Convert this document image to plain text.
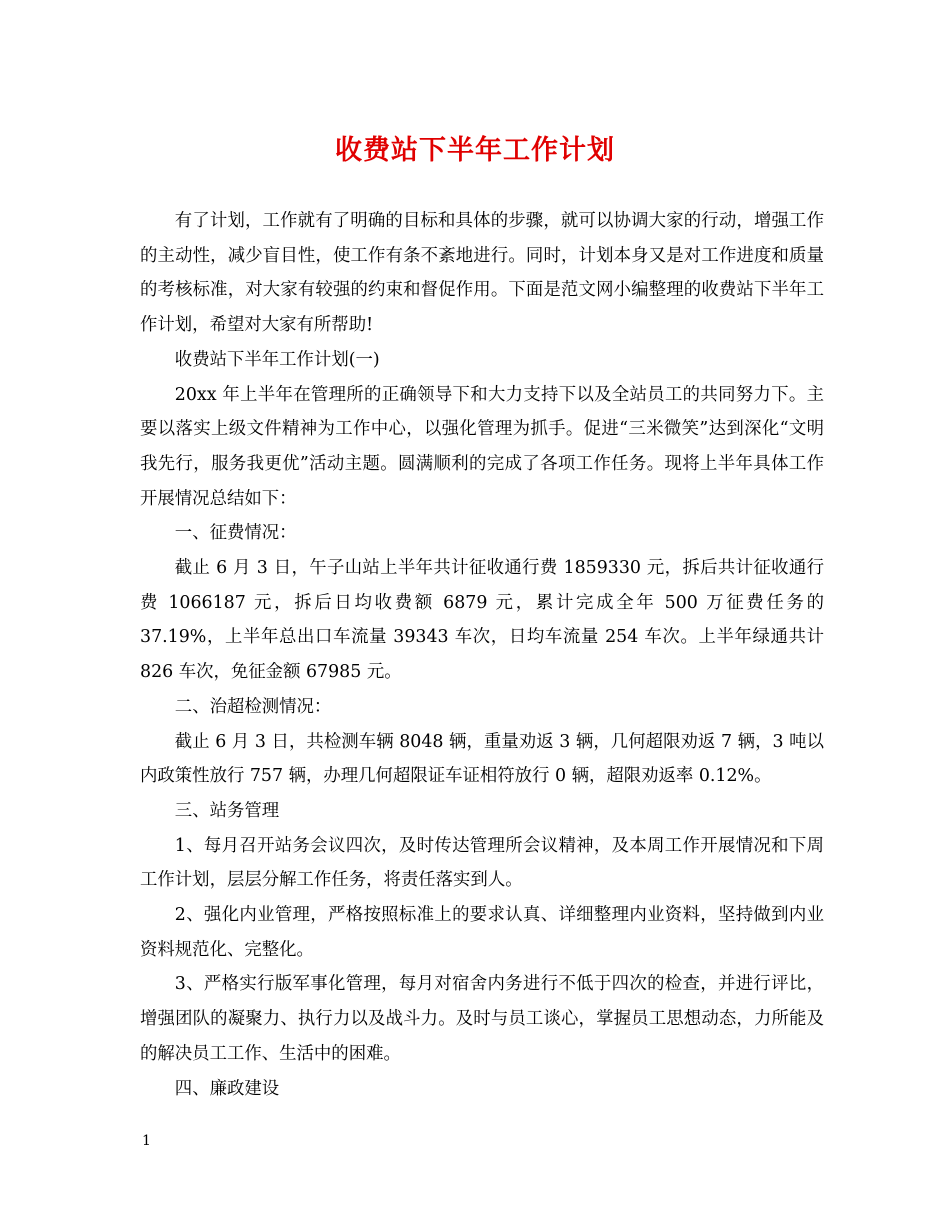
收费站下半年工作计划

有了计划，工作就有了明确的目标和具体的步骤，就可以协调大家的行动，增强工作的主动性，减少盲目性，使工作有条不紊地进行。同时，计划本身又是对工作进度和质量的考核标准，对大家有较强的约束和督促作用。下面是范文网小编整理的收费站下半年工作计划，希望对大家有所帮助!

收费站下半年工作计划(一)

20xx 年上半年在管理所的正确领导下和大力支持下以及全站员工的共同努力下。主要以落实上级文件精神为工作中心，以强化管理为抓手。促进“三米微笑”达到深化“文明我先行，服务我更优”活动主题。圆满顺利的完成了各项工作任务。现将上半年具体工作开展情况总结如下：

一、征费情况：

截止 6 月 3 日，午子山站上半年共计征收通行费 1859330 元，拆后共计征收通行费 1066187 元，拆后日均收费额 6879 元，累计完成全年 500 万征费任务的 37.19%，上半年总出口车流量 39343 车次，日均车流量 254 车次。上半年绿通共计 826 车次，免征金额 67985 元。

二、治超检测情况：

截止 6 月 3 日，共检测车辆 8048 辆，重量劝返 3 辆，几何超限劝返 7 辆，3 吨以内政策性放行 757 辆，办理几何超限证车证相符放行 0 辆，超限劝返率 0.12%。

三、站务管理

1、每月召开站务会议四次，及时传达管理所会议精神，及本周工作开展情况和下周工作计划，层层分解工作任务，将责任落实到人。

2、强化内业管理，严格按照标准上的要求认真、详细整理内业资料，坚持做到内业资料规范化、完整化。

3、严格实行版军事化管理，每月对宿舍内务进行不低于四次的检查，并进行评比，增强团队的凝聚力、执行力以及战斗力。及时与员工谈心，掌握员工思想动态，力所能及的解决员工工作、生活中的困难。

四、廉政建设

1
